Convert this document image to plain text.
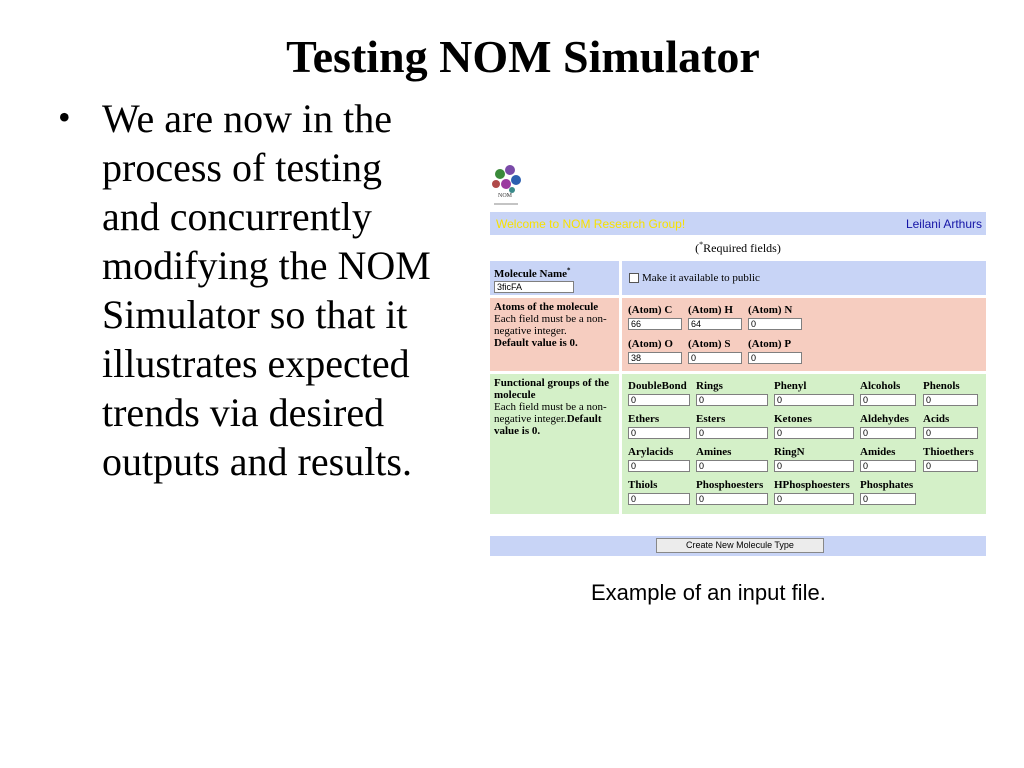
Testing NOM Simulator
• We are now in the process of testing and concurrently modifying the NOM Simulator so that it illustrates expected trends via desired outputs and results.
NOM
Welcome to NOM Research Group!	Leilani Arthurs
(*Required fields)
Molecule Name*
3ficFA
Make it available to public
Atoms of the molecule
Each field must be a non-negative integer.
Default value is 0.
(Atom) C
66
(Atom) H
64
(Atom) N
0
(Atom) O
38
(Atom) S
0
(Atom) P
0
Functional groups of the molecule
Each field must be a non-negative integer.Default value is 0.
DoubleBond
0
Rings
0
Phenyl
0
Alcohols
0
Phenols
0
Ethers
0
Esters
0
Ketones
0
Aldehydes
0
Acids
0
Arylacids
0
Amines
0
RingN
0
Amides
0
Thioethers
0
Thiols
0
Phosphoesters
0
HPhosphoesters
0
Phosphates
0
Create New Molecule Type
Example of an input file.
